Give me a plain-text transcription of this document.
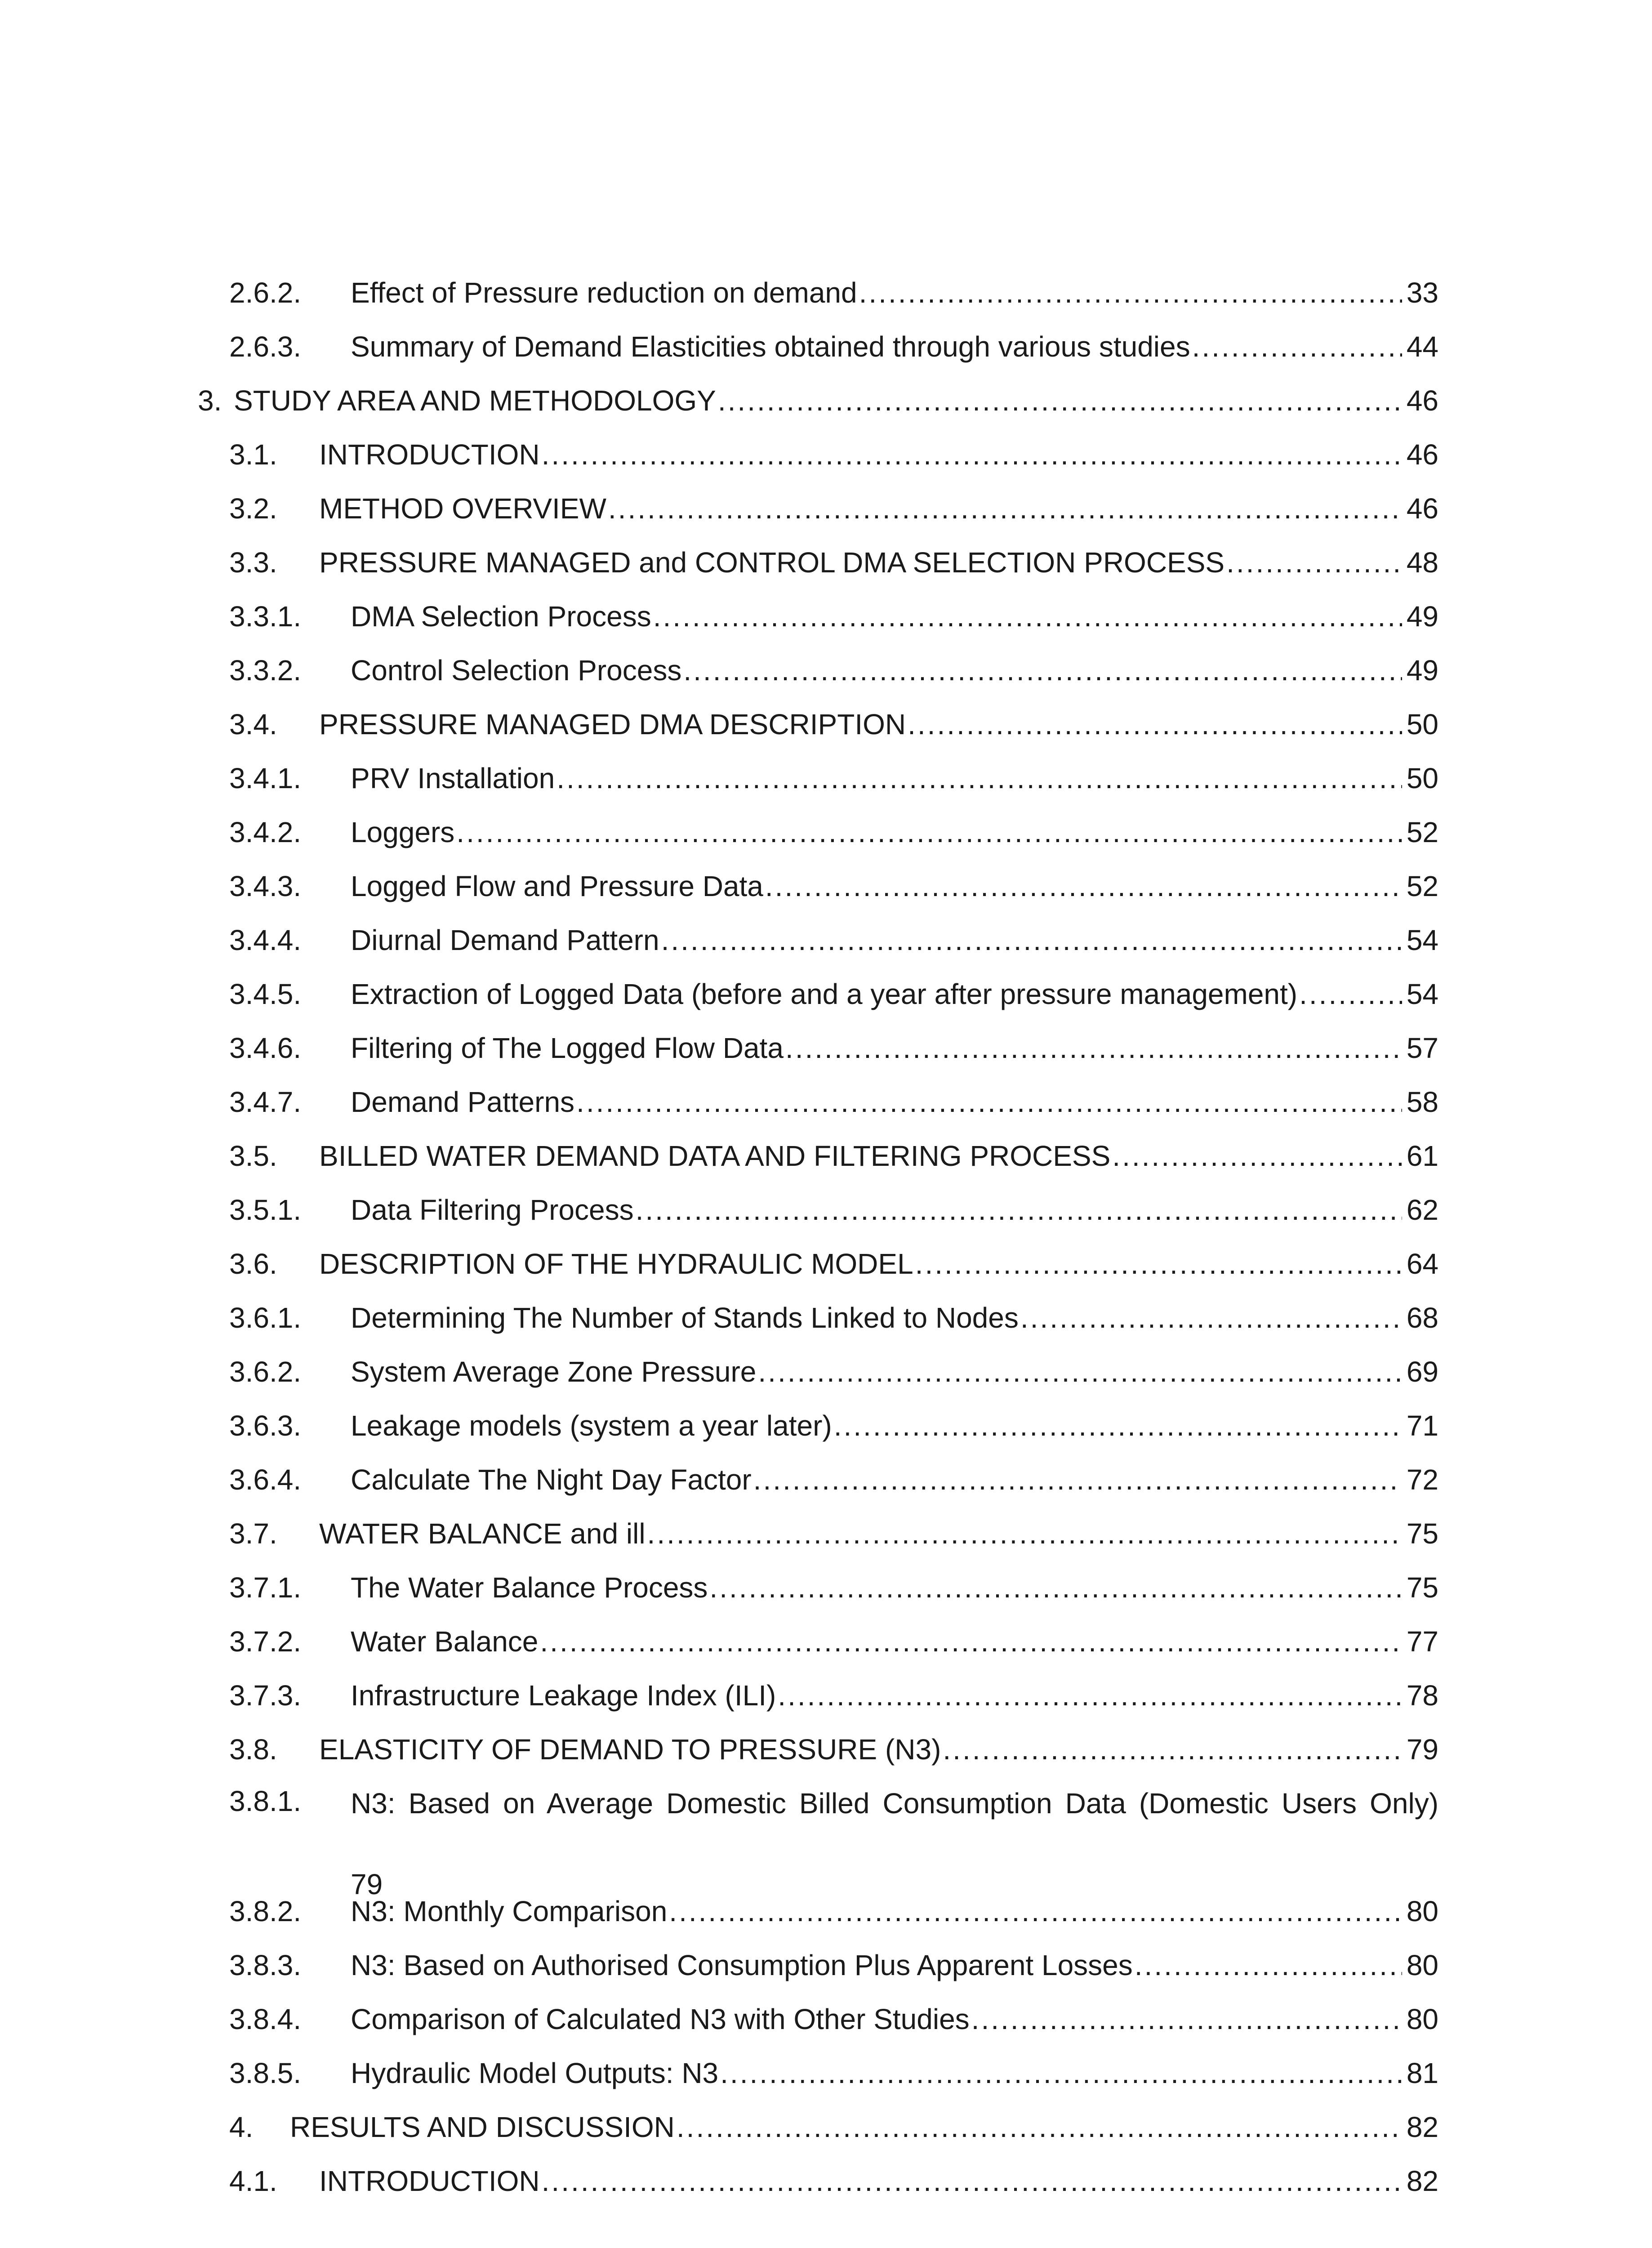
2.6.2. Effect of Pressure reduction on demand .....	33
2.6.3. Summary of Demand Elasticities obtained through various studies .....	44
3. STUDY AREA AND METHODOLOGY .....	46
3.1. INTRODUCTION .....	46
3.2. METHOD OVERVIEW .....	46
3.3. PRESSURE MANAGED and CONTROL DMA SELECTION PROCESS .....	48
3.3.1. DMA Selection Process .....	49
3.3.2. Control Selection Process .....	49
3.4. PRESSURE MANAGED DMA DESCRIPTION .....	50
3.4.1. PRV Installation .....	50
3.4.2. Loggers .....	52
3.4.3. Logged Flow and Pressure Data .....	52
3.4.4. Diurnal Demand Pattern .....	54
3.4.5. Extraction of Logged Data (before and a year after pressure management) .....	54
3.4.6. Filtering of The Logged Flow Data .....	57
3.4.7. Demand Patterns .....	58
3.5. BILLED WATER DEMAND DATA AND FILTERING PROCESS .....	61
3.5.1. Data Filtering Process .....	62
3.6. DESCRIPTION OF THE HYDRAULIC MODEL .....	64
3.6.1. Determining The Number of Stands Linked to Nodes .....	68
3.6.2. System Average Zone Pressure .....	69
3.6.3. Leakage models (system a year later) .....	71
3.6.4. Calculate The Night Day Factor .....	72
3.7. WATER BALANCE and ill .....	75
3.7.1. The Water Balance Process .....	75
3.7.2. Water Balance .....	77
3.7.3. Infrastructure Leakage Index (ILI) .....	78
3.8. ELASTICITY OF DEMAND TO PRESSURE (N3) .....	79
3.8.1. N3: Based on Average Domestic Billed Consumption Data (Domestic Users Only)
79
3.8.2. N3: Monthly Comparison .....	80
3.8.3. N3: Based on Authorised Consumption Plus Apparent Losses .....	80
3.8.4. Comparison of Calculated N3 with Other Studies .....	80
3.8.5. Hydraulic Model Outputs: N3 .....	81
4. RESULTS AND DISCUSSION .....	82
4.1. INTRODUCTION .....	82
